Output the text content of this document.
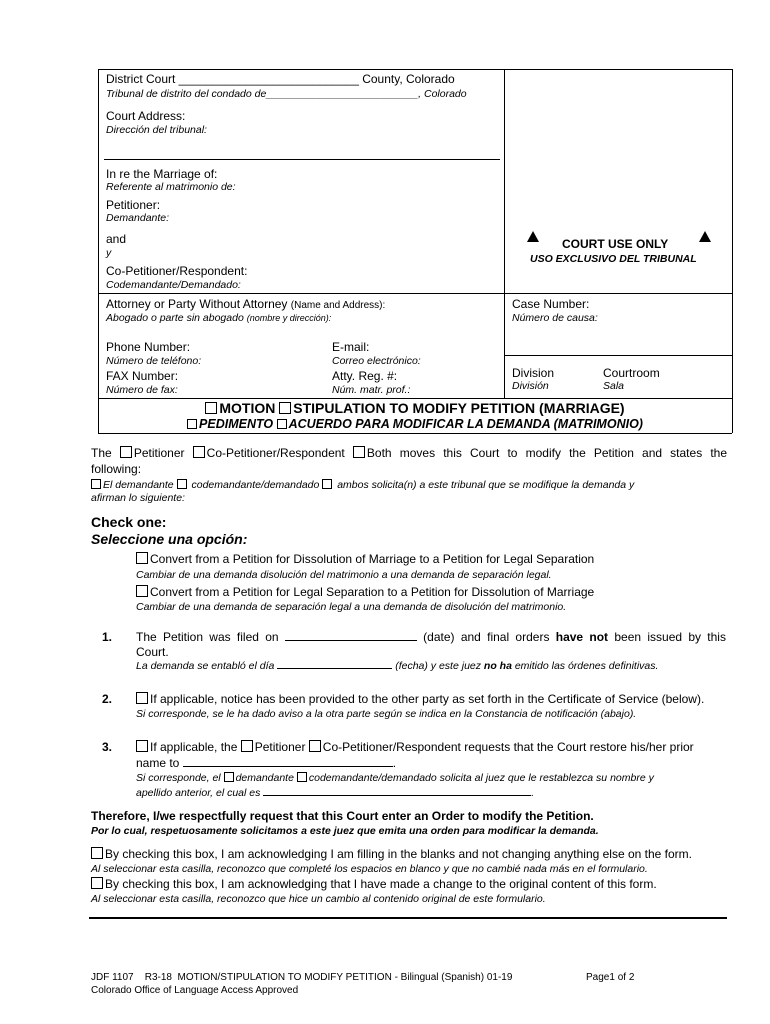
District Court ___________________________ County, Colorado
Tribunal de distrito del condado de__________________________, Colorado
Court Address:
Dirección del tribunal:
In re the Marriage of:
Referente al matrimonio de:
Petitioner:
Demandante:
and
y
Co-Petitioner/Respondent:
Codemandante/Demandado:
COURT USE ONLY
USO EXCLUSIVO DEL TRIBUNAL
Attorney or Party Without Attorney (Name and Address):
Abogado o parte sin abogado (nombre y dirección):
Case Number:
Número de causa:
Phone Number:
Número de teléfono:
FAX Number:
Número de fax:
E-mail:
Correo electrónico:
Atty. Reg. #:
Núm. matr. prof.:
Division
División
Courtroom
Sala
MOTION STIPULATION TO MODIFY PETITION (MARRIAGE)
PEDIMENTO ACUERDO PARA MODIFICAR LA DEMANDA (MATRIMONIO)
The Petitioner Co-Petitioner/Respondent Both moves this Court to modify the Petition and states the
following:
El demandante codemandante/demandado ambos solicita(n) a este tribunal que se modifique la demanda y
afirman lo siguiente:
Check one:
Seleccione una opción:
Convert from a Petition for Dissolution of Marriage to a Petition for Legal Separation
Cambiar de una demanda disolución del matrimonio a una demanda de separación legal.
Convert from a Petition for Legal Separation to a Petition for Dissolution of Marriage
Cambiar de una demanda de separación legal a una demanda de disolución del matrimonio.
1. The Petition was filed on	(date) and final orders have not been issued by this
Court.
La demanda se entabló el día	(fecha) y este juez no ha emitido las órdenes definitivas.
2.	If applicable, notice has been provided to the other party as set forth in the Certificate of Service (below).
Si corresponde, se le ha dado aviso a la otra parte según se indica en la Constancia de notificación (abajo).
3.	If applicable, the Petitioner Co-Petitioner/Respondent requests that the Court restore his/her prior
name to	.
Si corresponde, el demandante codemandante/demandado solicita al juez que le restablezca su nombre y
apellido anterior, el cual es	.
Therefore, I/we respectfully request that this Court enter an Order to modify the Petition.
Por lo cual, respetuosamente solicitamos a este juez que emita una orden para modificar la demanda.
By checking this box, I am acknowledging I am filling in the blanks and not changing anything else on the form.
Al seleccionar esta casilla, reconozco que completé los espacios en blanco y que no cambié nada más en el formulario.
By checking this box, I am acknowledging that I have made a change to the original content of this form.
Al seleccionar esta casilla, reconozco que hice un cambio al contenido original de este formulario.
JDF 1107    R3-18  MOTION/STIPULATION TO MODIFY PETITION - Bilingual (Spanish) 01-19
Colorado Office of Language Access Approved
Page1 of 2
